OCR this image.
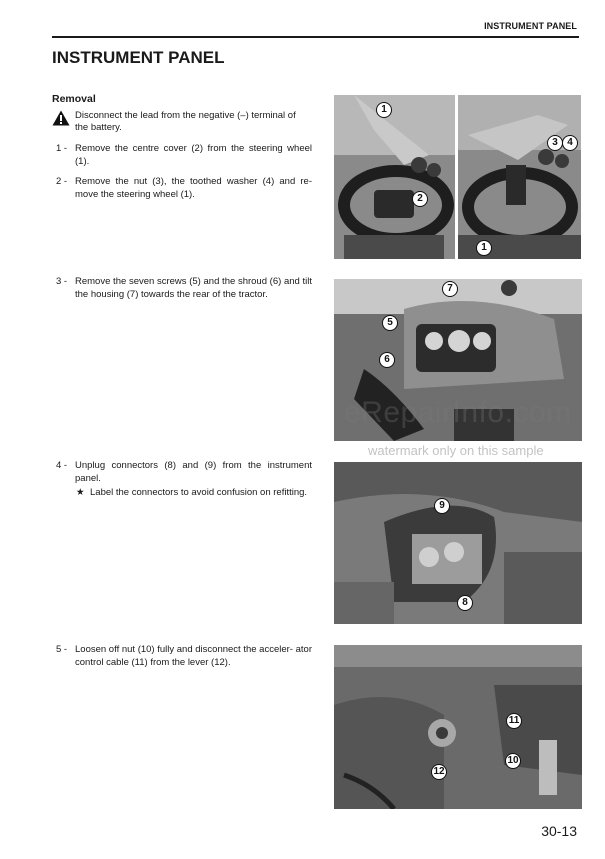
INSTRUMENT PANEL
INSTRUMENT PANEL
Removal
Disconnect the lead from the negative (–) terminal of
the battery.
1 - Remove the centre cover (2) from the steering wheel (1).
2 - Remove the nut (3), the toothed washer (4) and re- move the steering wheel (1).
3 - Remove the seven screws (5) and the shroud (6) and tilt the housing (7) towards the rear of the tractor.
4 - Unplug connectors (8) and (9) from the instrument panel.
★ Label the connectors to avoid confusion on refitting.
5 - Loosen off nut (10) fully and disconnect the acceler- ator control cable (11) from the lever (12).
1
2
3 4
1
7
5
6
9
8
11
12
10
eRepairInfo.com
watermark only on this sample
30-13
